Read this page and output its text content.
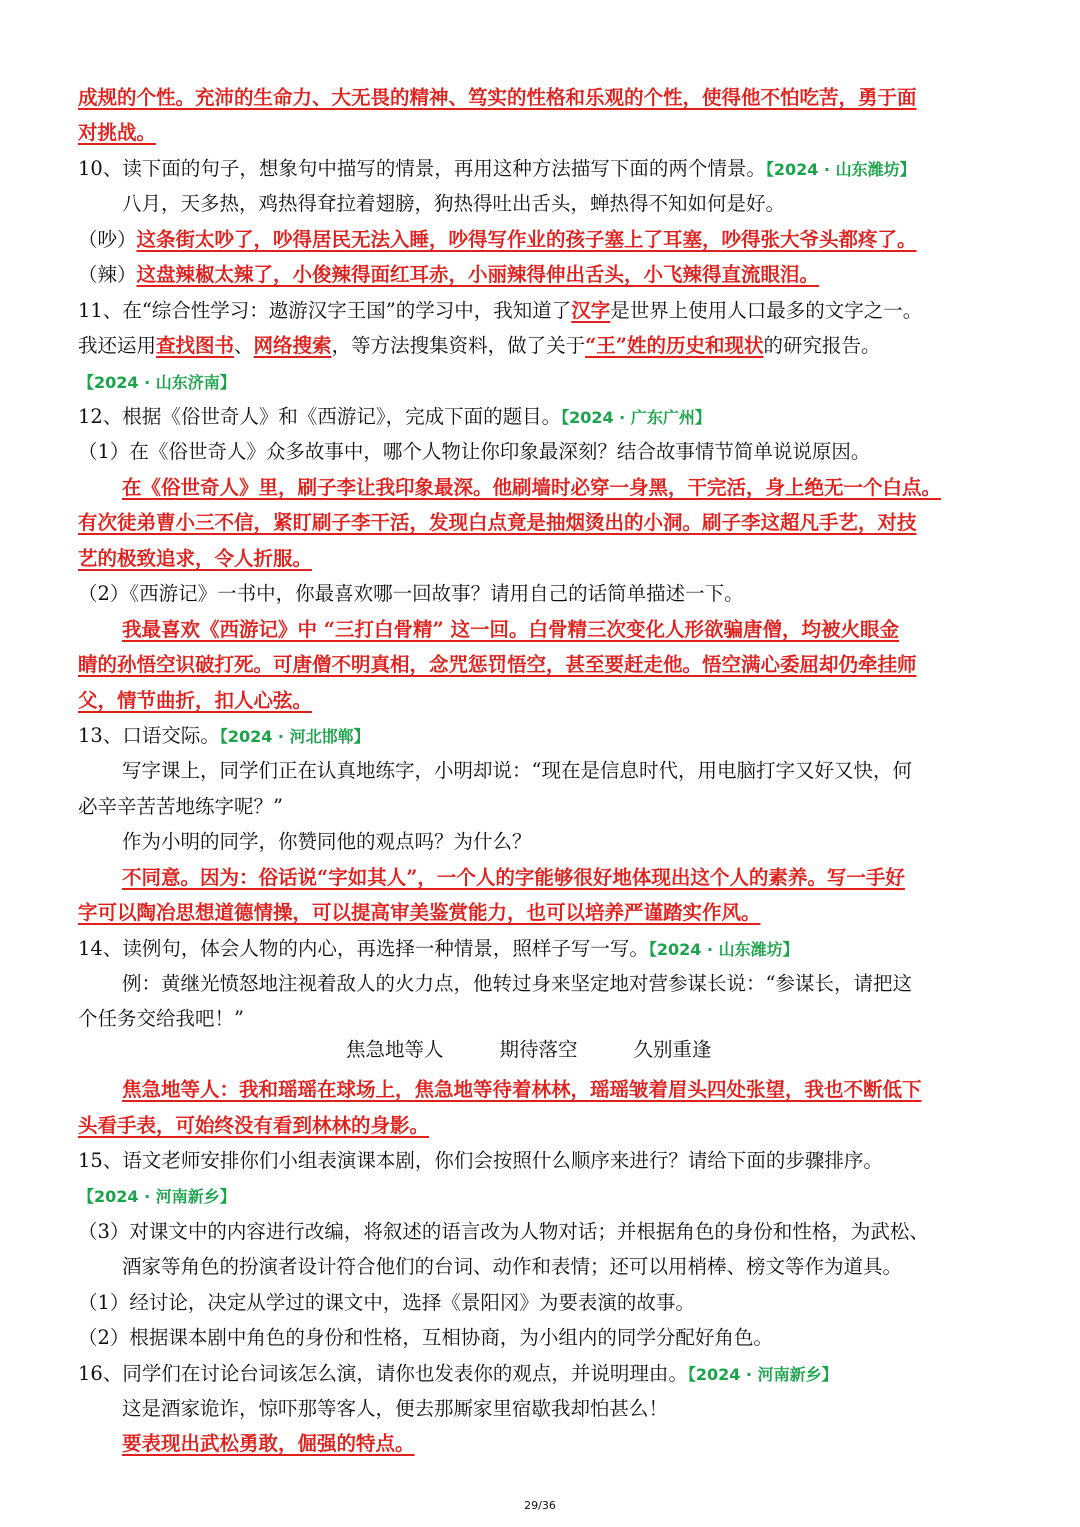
成规的个性。充沛的生命力、大无畏的精神、笃实的性格和乐观的个性，使得他不怕吃苦，勇于面
对挑战。
10、读下面的句子，想象句中描写的情景，再用这种方法描写下面的两个情景。【2024 · 山东潍坊】
八月，天多热，鸡热得耷拉着翅膀，狗热得吐出舌头，蝉热得不知如何是好。
（吵）这条街太吵了，吵得居民无法入睡，吵得写作业的孩子塞上了耳塞，吵得张大爷头都疼了。
（辣）这盘辣椒太辣了，小俊辣得面红耳赤，小丽辣得伸出舌头，小飞辣得直流眼泪。
11、在“综合性学习：遨游汉字王国”的学习中，我知道了汉字是世界上使用人口最多的文字之一。
我还运用查找图书、网络搜索，等方法搜集资料，做了关于“王”姓的历史和现状的研究报告。
【2024 · 山东济南】
12、根据《俗世奇人》和《西游记》，完成下面的题目。【2024 · 广东广州】
（1）在《俗世奇人》众多故事中，哪个人物让你印象最深刻？结合故事情节简单说说原因。
在《俗世奇人》里，刷子李让我印象最深。他刷墙时必穿一身黑，干完活，身上绝无一个白点。
有次徒弟曹小三不信，紧盯刷子李干活，发现白点竟是抽烟烫出的小洞。刷子李这超凡手艺，对技
艺的极致追求，令人折服。
（2）《西游记》一书中，你最喜欢哪一回故事？请用自己的话简单描述一下。
我最喜欢《西游记》中 “三打白骨精” 这一回。白骨精三次变化人形欲骗唐僧，均被火眼金
睛的孙悟空识破打死。可唐僧不明真相，念咒惩罚悟空，甚至要赶走他。悟空满心委屈却仍牵挂师
父，情节曲折，扣人心弦。
13、口语交际。【2024 · 河北邯郸】
写字课上，同学们正在认真地练字，小明却说：“现在是信息时代，用电脑打字又好又快，何
必辛辛苦苦地练字呢？”
作为小明的同学，你赞同他的观点吗？为什么？
不同意。因为：俗话说“字如其人”，一个人的字能够很好地体现出这个人的素养。写一手好
字可以陶冶思想道德情操，可以提高审美鉴赏能力，也可以培养严谨踏实作风。
14、读例句，体会人物的内心，再选择一种情景，照样子写一写。【2024 · 山东潍坊】
例：黄继光愤怒地注视着敌人的火力点，他转过身来坚定地对营参谋长说：“参谋长，请把这
个任务交给我吧！”
焦急地等人	期待落空	久别重逢
焦急地等人：我和瑶瑶在球场上，焦急地等待着林林，瑶瑶皱着眉头四处张望，我也不断低下
头看手表，可始终没有看到林林的身影。
15、语文老师安排你们小组表演课本剧，你们会按照什么顺序来进行？请给下面的步骤排序。
【2024 · 河南新乡】
（3）对课文中的内容进行改编，将叙述的语言改为人物对话；并根据角色的身份和性格，为武松、
酒家等角色的扮演者设计符合他们的台词、动作和表情；还可以用梢棒、榜文等作为道具。
（1）经讨论，决定从学过的课文中，选择《景阳冈》为要表演的故事。
（2）根据课本剧中角色的身份和性格，互相协商，为小组内的同学分配好角色。
16、同学们在讨论台词该怎么演，请你也发表你的观点，并说明理由。【2024 · 河南新乡】
这是酒家诡诈，惊吓那等客人，便去那厮家里宿歇我却怕甚么！
要表现出武松勇敢，倔强的特点。
29/36
